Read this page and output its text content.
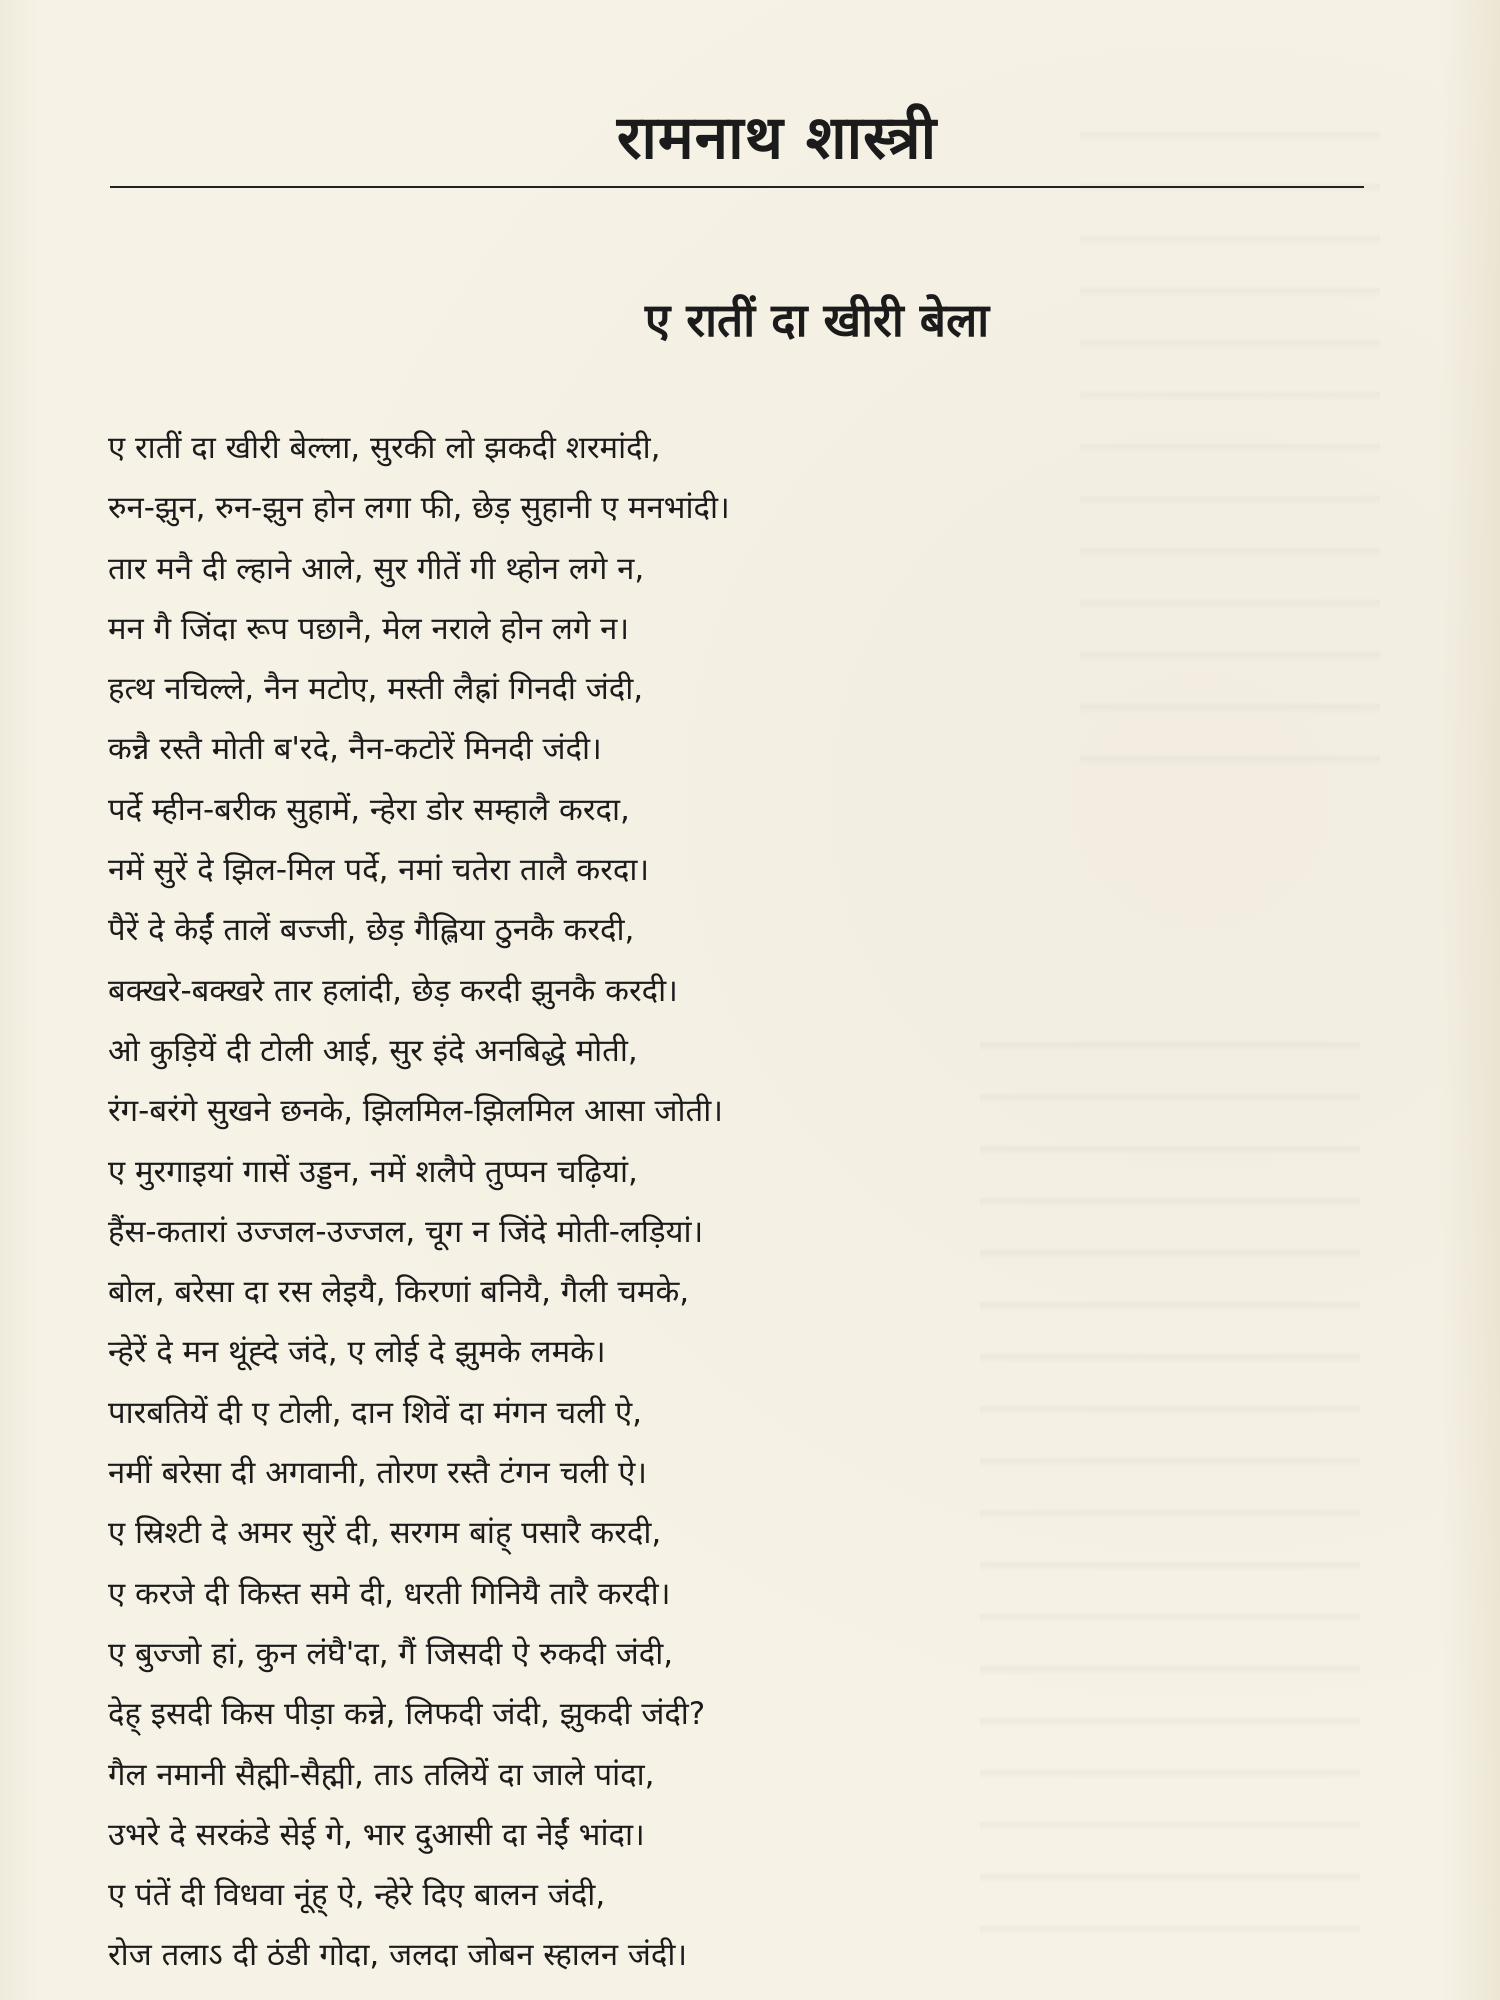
रामनाथ शास्त्री
ए रातीं दा खीरी बेला
ए रातीं दा खीरी बेल्ला, सुरकी लो झकदी शरमांदी,
रुन-झुन, रुन-झुन होन लगा फी, छेड़ सुहानी ए मनभांदी।
तार मनै दी ल्हाने आले, सुर गीतें गी थ्होन लगे न,
मन गै जिंदा रूप पछानै, मेल नराले होन लगे न।
हत्थ नचिल्ले, नैन मटोए, मस्ती लैह्रां गिनदी जंदी,
कन्नै रस्तै मोती ब'रदे, नैन-कटोरें मिनदी जंदी।
पर्दे म्हीन-बरीक सुहामें, न्हेरा डोर सम्हालै करदा,
नमें सुरें दे झिल-मिल पर्दे, नमां चतेरा तालै करदा।
पैरें दे केईं तालें बज्जी, छेड़ गैह्लिया ठुनकै करदी,
बक्खरे-बक्खरे तार हलांदी, छेड़ करदी झुनकै करदी।
ओ कुड़ियें दी टोली आई, सुर इंदे अनबिद्धे मोती,
रंग-बरंगे सुखने छनके, झिलमिल-झिलमिल आसा जोती।
ए मुरगाइयां गासें उड्डन, नमें शलैपे तुप्पन चढ़ियां,
हैंस-कतारां उज्जल-उज्जल, चूग न जिंदे मोती-लड़ियां।
बोल, बरेसा दा रस लेइयै, किरणां बनियै, गैली चमके,
न्हेरें दे मन थूंह्दे जंदे, ए लोई दे झुमके लमके।
पारबतियें दी ए टोली, दान शिवें दा मंगन चली ऐ,
नमीं बरेसा दी अगवानी, तोरण रस्तै टंगन चली ऐ।
ए स्रिश्टी दे अमर सुरें दी, सरगम बांह् पसारै करदी,
ए करजे दी किस्त समे दी, धरती गिनियै तारै करदी।
ए बुज्जो हां, कुन लंघै'दा, गैं जिसदी ऐ रुकदी जंदी,
देह् इसदी किस पीड़ा कन्ने, लिफदी जंदी, झुकदी जंदी?
गैल नमानी सैह्मी-सैह्मी, ताऽ तलियें दा जाले पांदा,
उभरे दे सरकंडे सेई गे, भार दुआसी दा नेईं भांदा।
ए पंतें दी विधवा नूंह् ऐ, न्हेरे दिए बालन जंदी,
रोज तलाऽ दी ठंडी गोदा, जलदा जोबन स्हालन जंदी।
